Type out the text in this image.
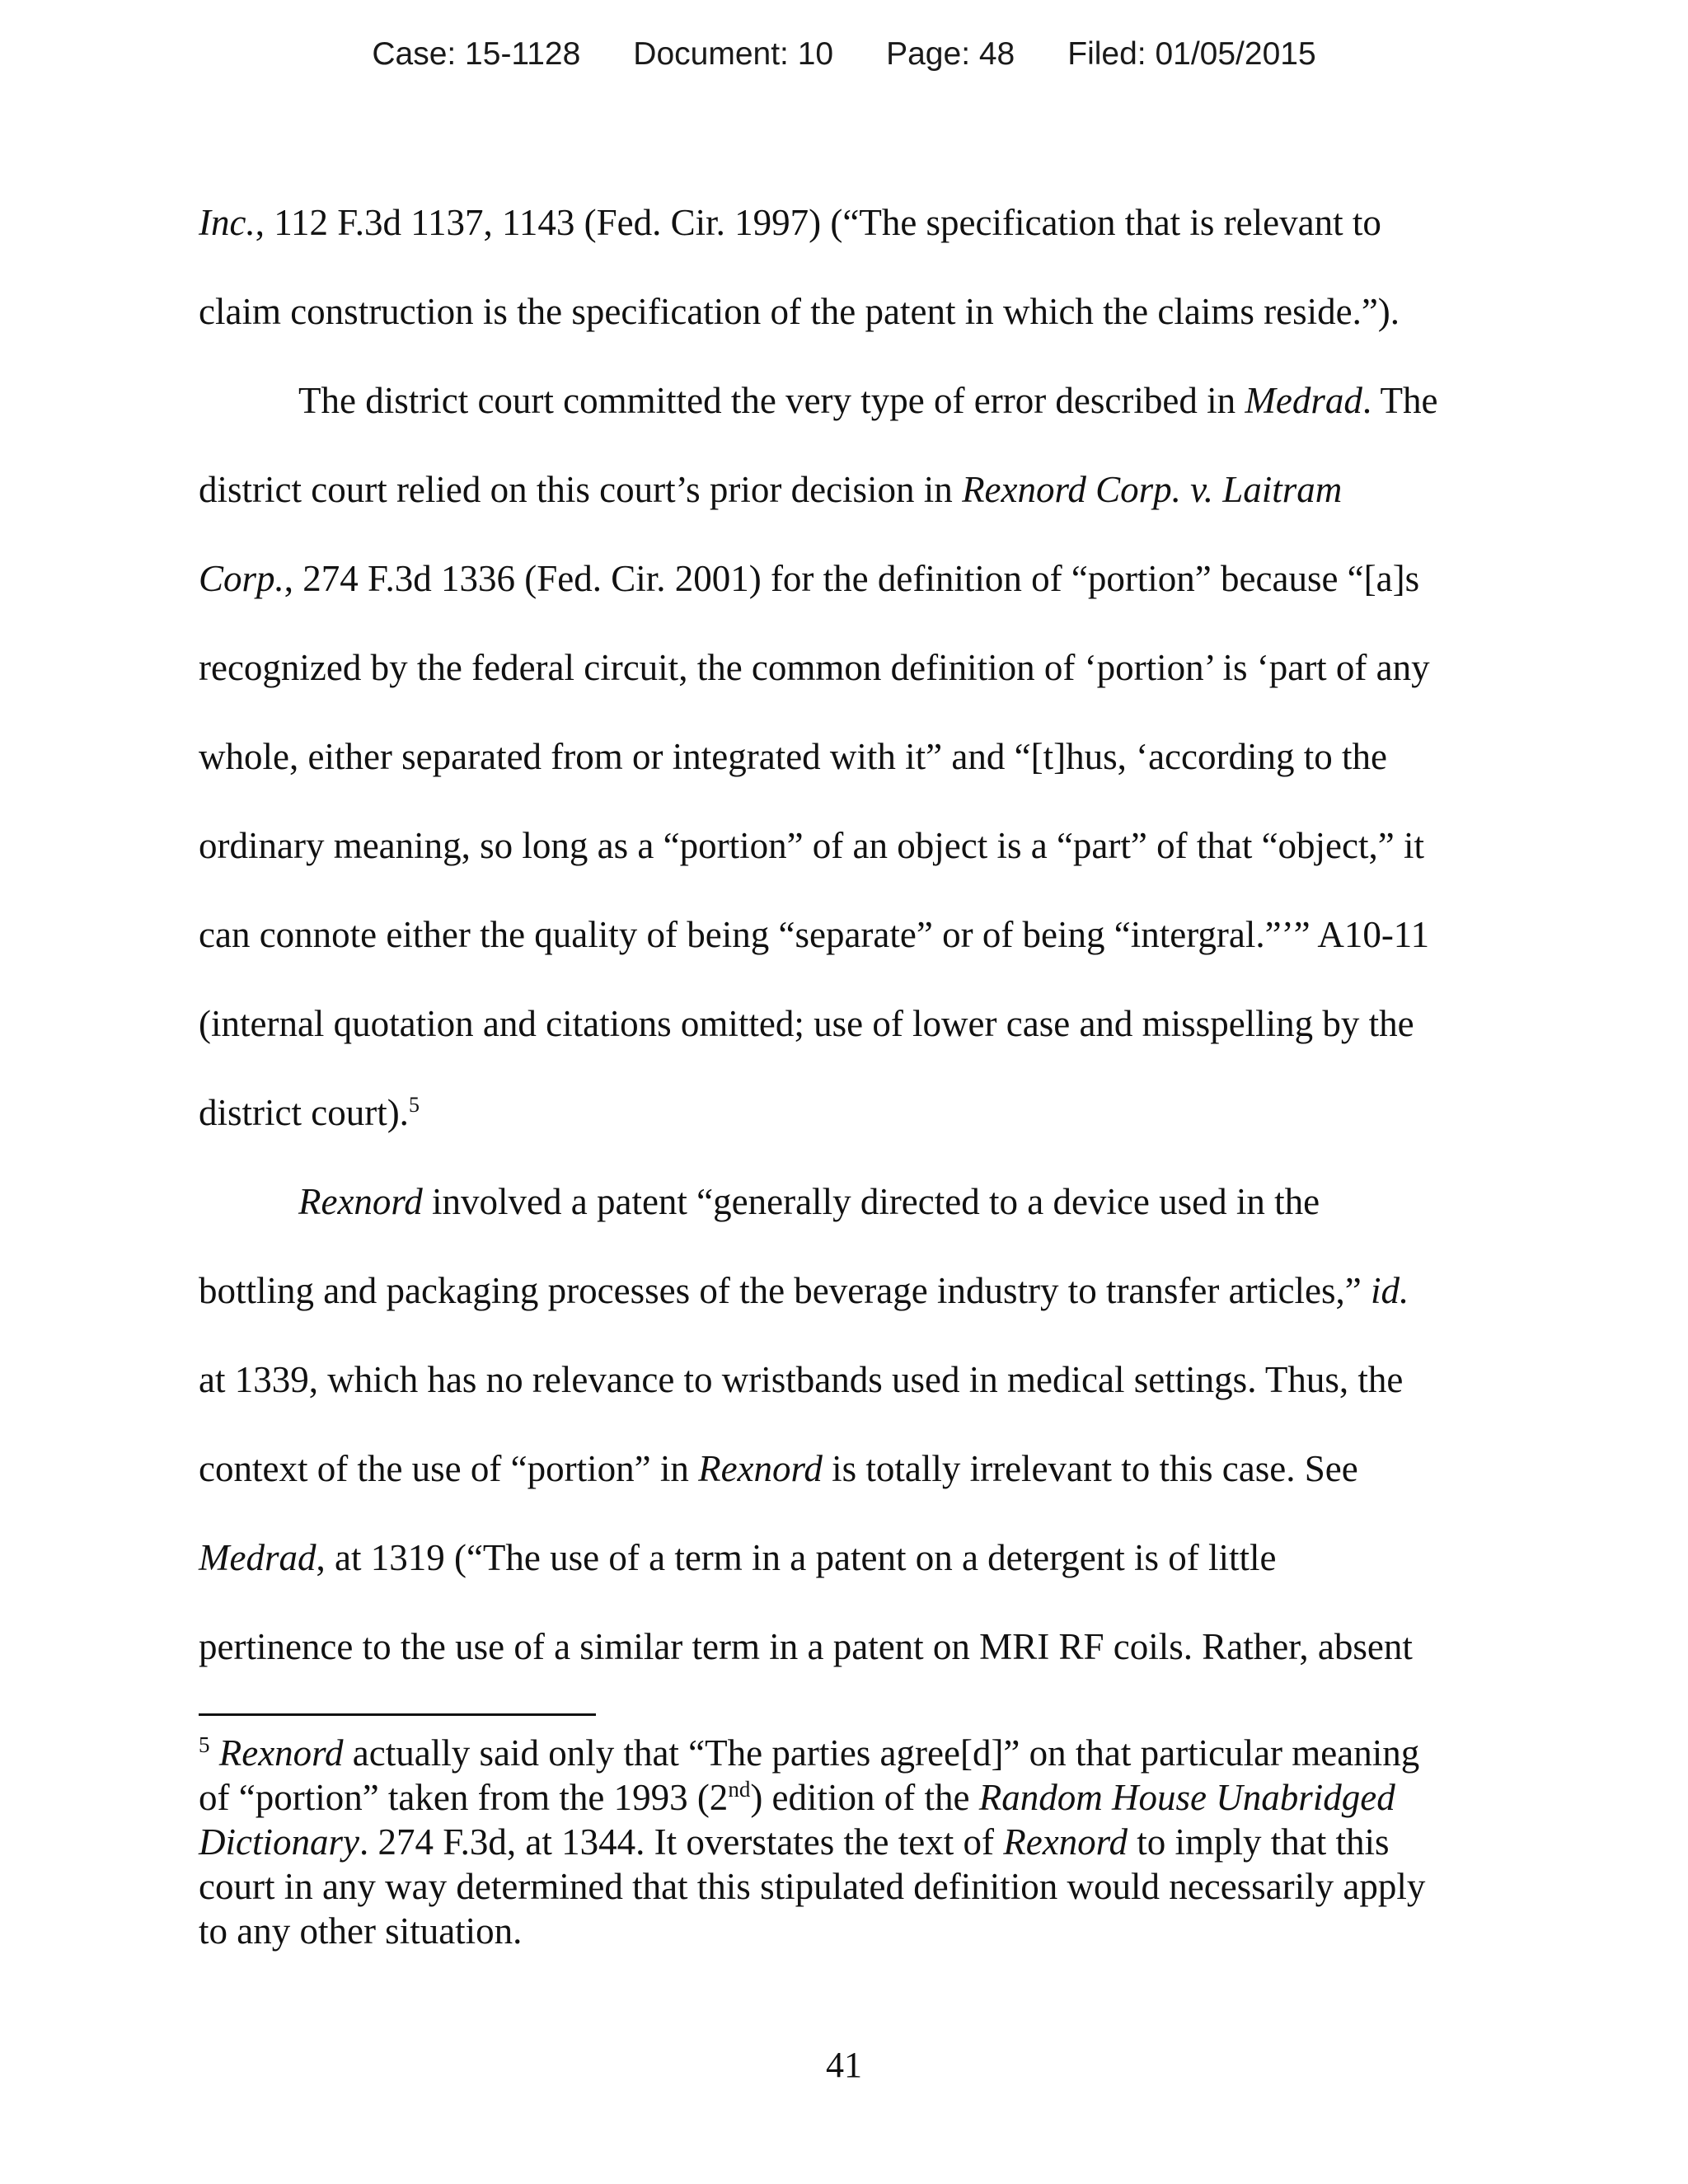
Case: 15-1128 Document: 10 Page: 48 Filed: 01/05/2015
Inc., 112 F.3d 1137, 1143 (Fed. Cir. 1997) (“The specification that is relevant to
claim construction is the specification of the patent in which the claims reside.”).
The district court committed the very type of error described in Medrad. The
district court relied on this court’s prior decision in Rexnord Corp. v. Laitram
Corp., 274 F.3d 1336 (Fed. Cir. 2001) for the definition of “portion” because “[a]s
recognized by the federal circuit, the common definition of ‘portion’ is ‘part of any
whole, either separated from or integrated with it” and “[t]hus, ‘according to the
ordinary meaning, so long as a “portion” of an object is a “part” of that “object,” it
can connote either the quality of being “separate” or of being “intergral.”’” A10-11
(internal quotation and citations omitted; use of lower case and misspelling by the
district court).$^5$
Rexnord involved a patent “generally directed to a device used in the
bottling and packaging processes of the beverage industry to transfer articles,” id.
at 1339, which has no relevance to wristbands used in medical settings. Thus, the
context of the use of “portion” in Rexnord is totally irrelevant to this case. See
Medrad, at 1319 (“The use of a term in a patent on a detergent is of little
pertinence to the use of a similar term in a patent on MRI RF coils. Rather, absent
$^5$ Rexnord actually said only that “The parties agree[d]” on that particular meaning
of “portion” taken from the 1993 (2nd) edition of the Random House Unabridged
Dictionary. 274 F.3d, at 1344. It overstates the text of Rexnord to imply that this
court in any way determined that this stipulated definition would necessarily apply
to any other situation.
41
